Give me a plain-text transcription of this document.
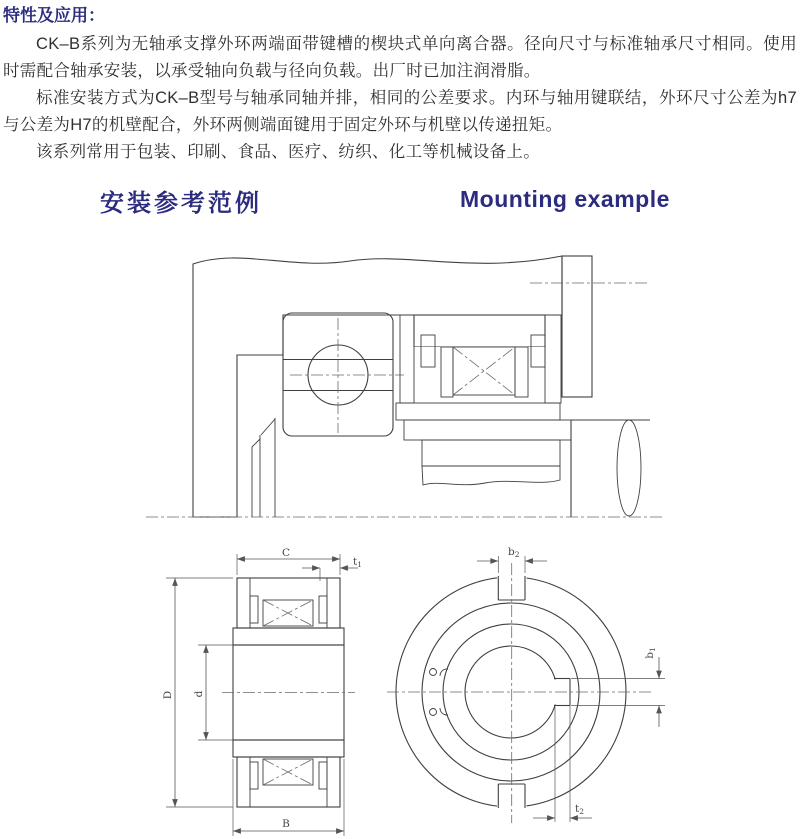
特性及应用：

CK–B系列为无轴承支撑外环两端面带键槽的楔块式单向离合器。径向尺寸与标准轴承尺寸相同。使用时需配合轴承安装，以承受轴向负载与径向负载。出厂时已加注润滑脂。

标准安装方式为CK–B型号与轴承同轴并排，相同的公差要求。内环与轴用键联结，外环尺寸公差为h7与公差为H7的机壁配合，外环两侧端面键用于固定外环与机壁以传递扭矩。

该系列常用于包装、印刷、食品、医疗、纺织、化工等机械设备上。

安装参考范例	Mounting example
C
t1
D d
B
b2
b1
t2
